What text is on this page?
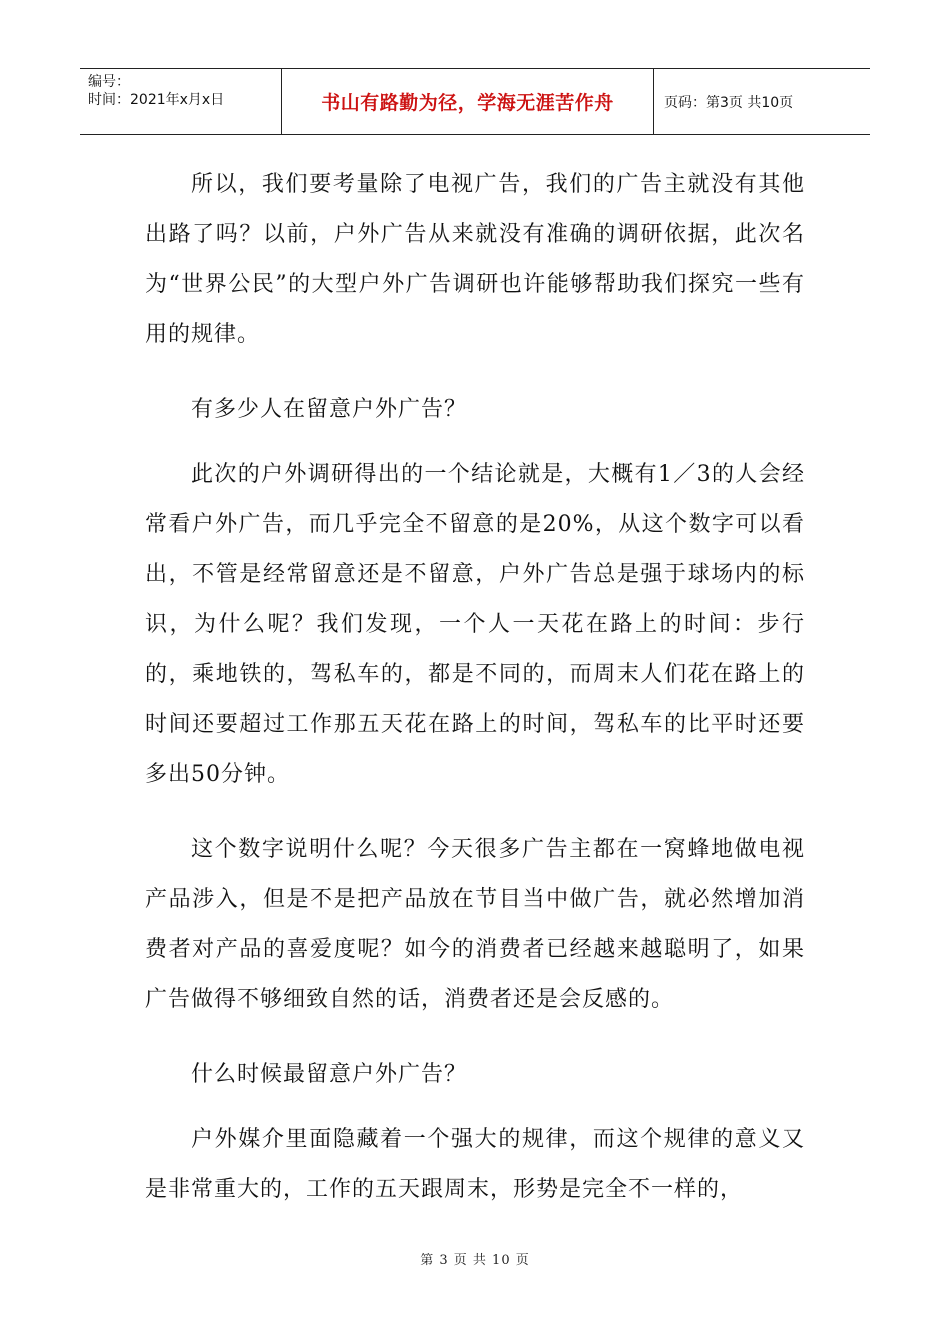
编号：
时间：2021年x月x日	书山有路勤为径，学海无涯苦作舟	页码：第3页 共10页

所以，我们要考量除了电视广告，我们的广告主就没有其他出路了吗？以前，户外广告从来就没有准确的调研依据，此次名为“世界公民”的大型户外广告调研也许能够帮助我们探究一些有用的规律。

有多少人在留意户外广告？

此次的户外调研得出的一个结论就是，大概有1／3的人会经常看户外广告，而几乎完全不留意的是20%，从这个数字可以看出，不管是经常留意还是不留意，户外广告总是强于球场内的标识，为什么呢？我们发现，一个人一天花在路上的时间：步行的，乘地铁的，驾私车的，都是不同的，而周末人们花在路上的时间还要超过工作那五天花在路上的时间，驾私车的比平时还要多出50分钟。

这个数字说明什么呢？今天很多广告主都在一窝蜂地做电视产品涉入，但是不是把产品放在节目当中做广告，就必然增加消费者对产品的喜爱度呢？如今的消费者已经越来越聪明了，如果广告做得不够细致自然的话，消费者还是会反感的。

什么时候最留意户外广告？

户外媒介里面隐藏着一个强大的规律，而这个规律的意义又是非常重大的，工作的五天跟周末，形势是完全不一样的，

第 3 页 共 10 页
